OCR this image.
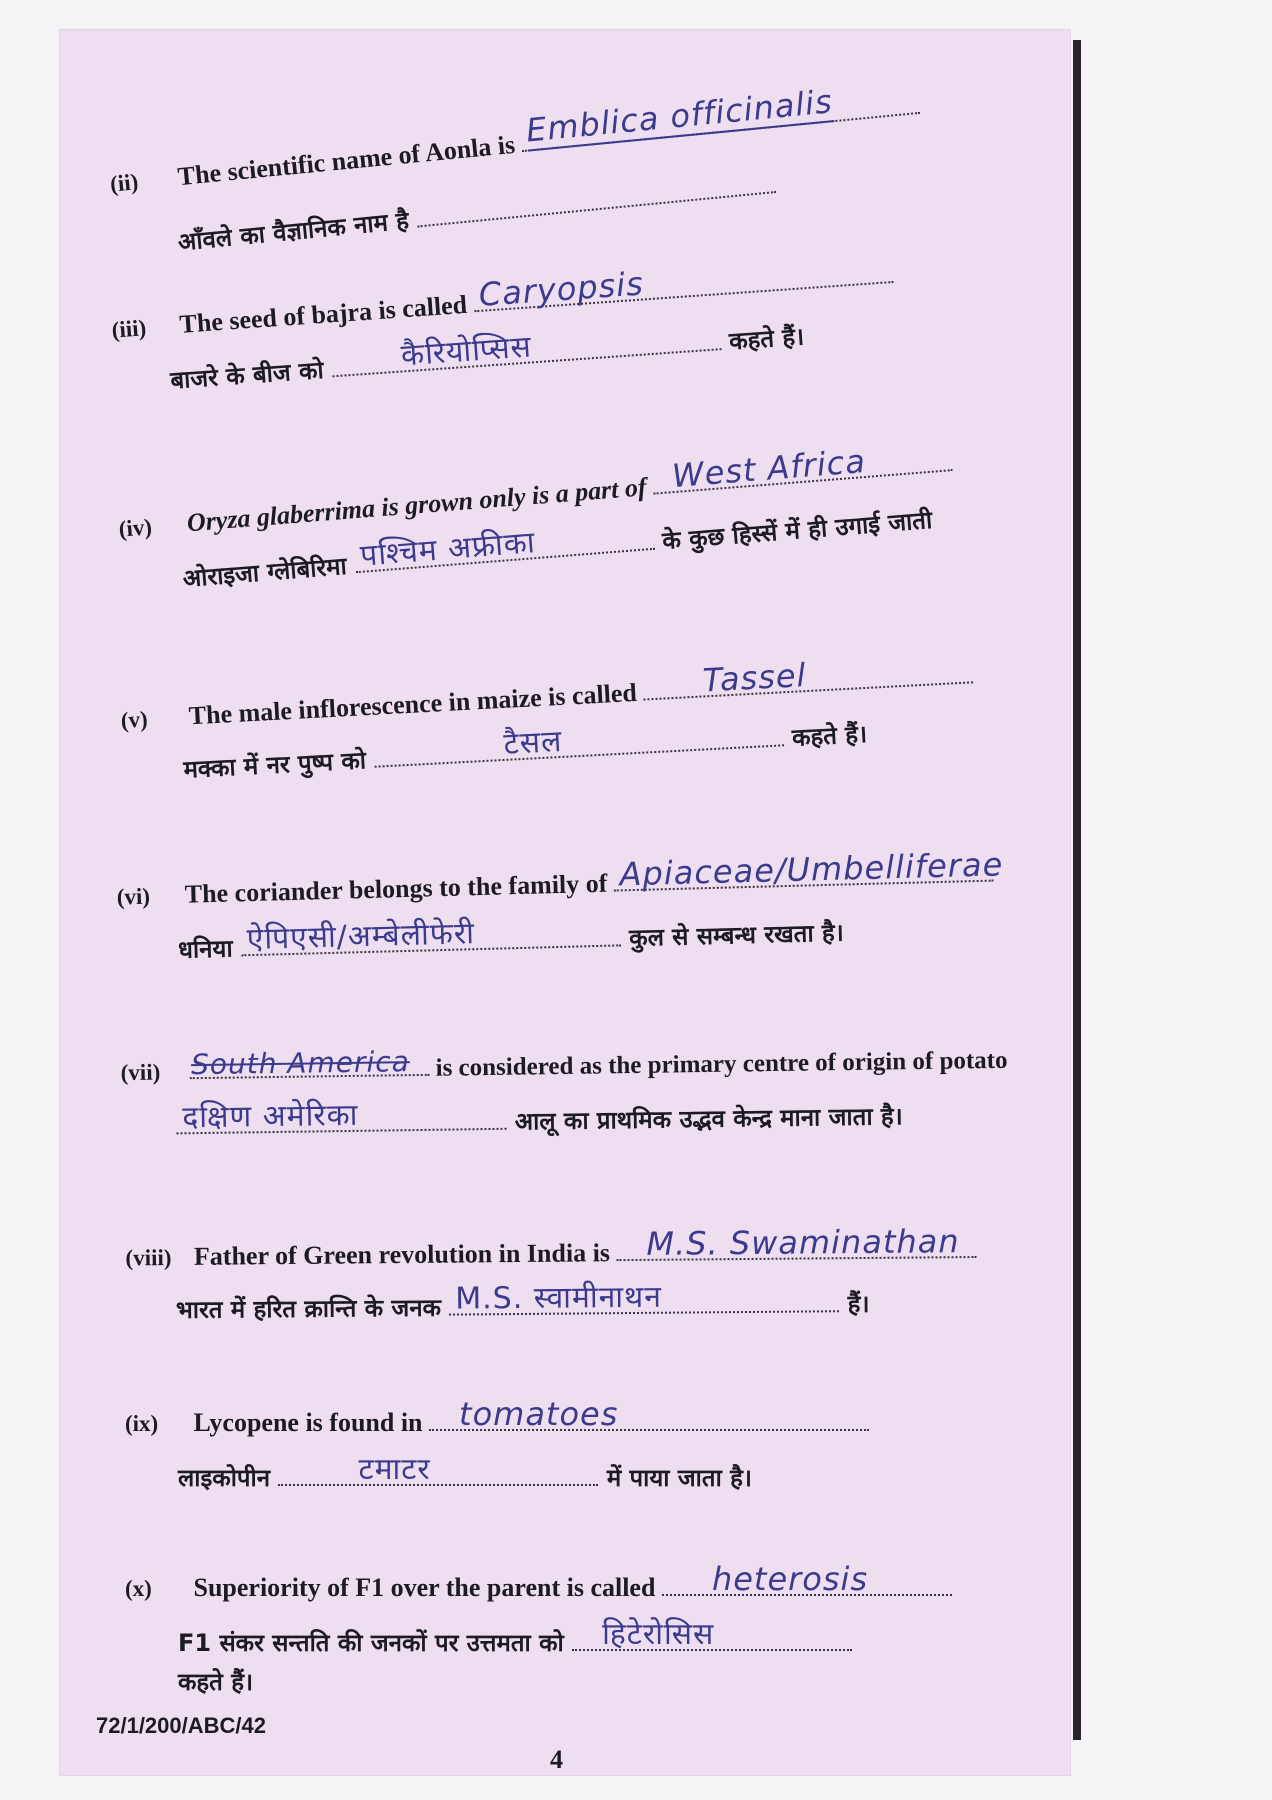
(ii) The scientific name of Aonla is
Emblica officinalis
आँवले का वैज्ञानिक नाम है
(iii) The seed of bajra is called
Caryopsis
बाजरे के बीज को
कैरियोप्सिस	कहते हैं।
(iv) Oryza glaberrima is grown only is a part of
West Africa
ओराइजा ग्लेबिरिमा पश्चिम अफ्रीका	के कुछ हिस्सें में ही उगाई जाती
(v) The male inflorescence in maize is called
Tassel
मक्का में नर पुष्प को
टैसल	कहते हैं।
(vi) The coriander belongs to the family of Apiaceae/Umbelliferae
धनिया ऐपिएसी/अम्बेलीफेरी	कुल से सम्बन्ध रखता है।
(vii) South America is considered as the primary centre of origin of potato
दक्षिण अमेरिका	आलू का प्राथमिक उद्भव केन्द्र माना जाता है।
(viii) Father of Green revolution in India is M.S. Swaminathan
भारत में हरित क्रान्ति के जनक M.S. स्वामीनाथन	हैं।
(ix) Lycopene is found in tomatoes
लाइकोपीन	टमाटर	में पाया जाता है।
(x) Superiority of F1 over the parent is called heterosis
F1 संकर सन्तति की जनकों पर उत्तमता को हिटेरोसिस
कहते हैं।
72/1/200/ABC/42
4
